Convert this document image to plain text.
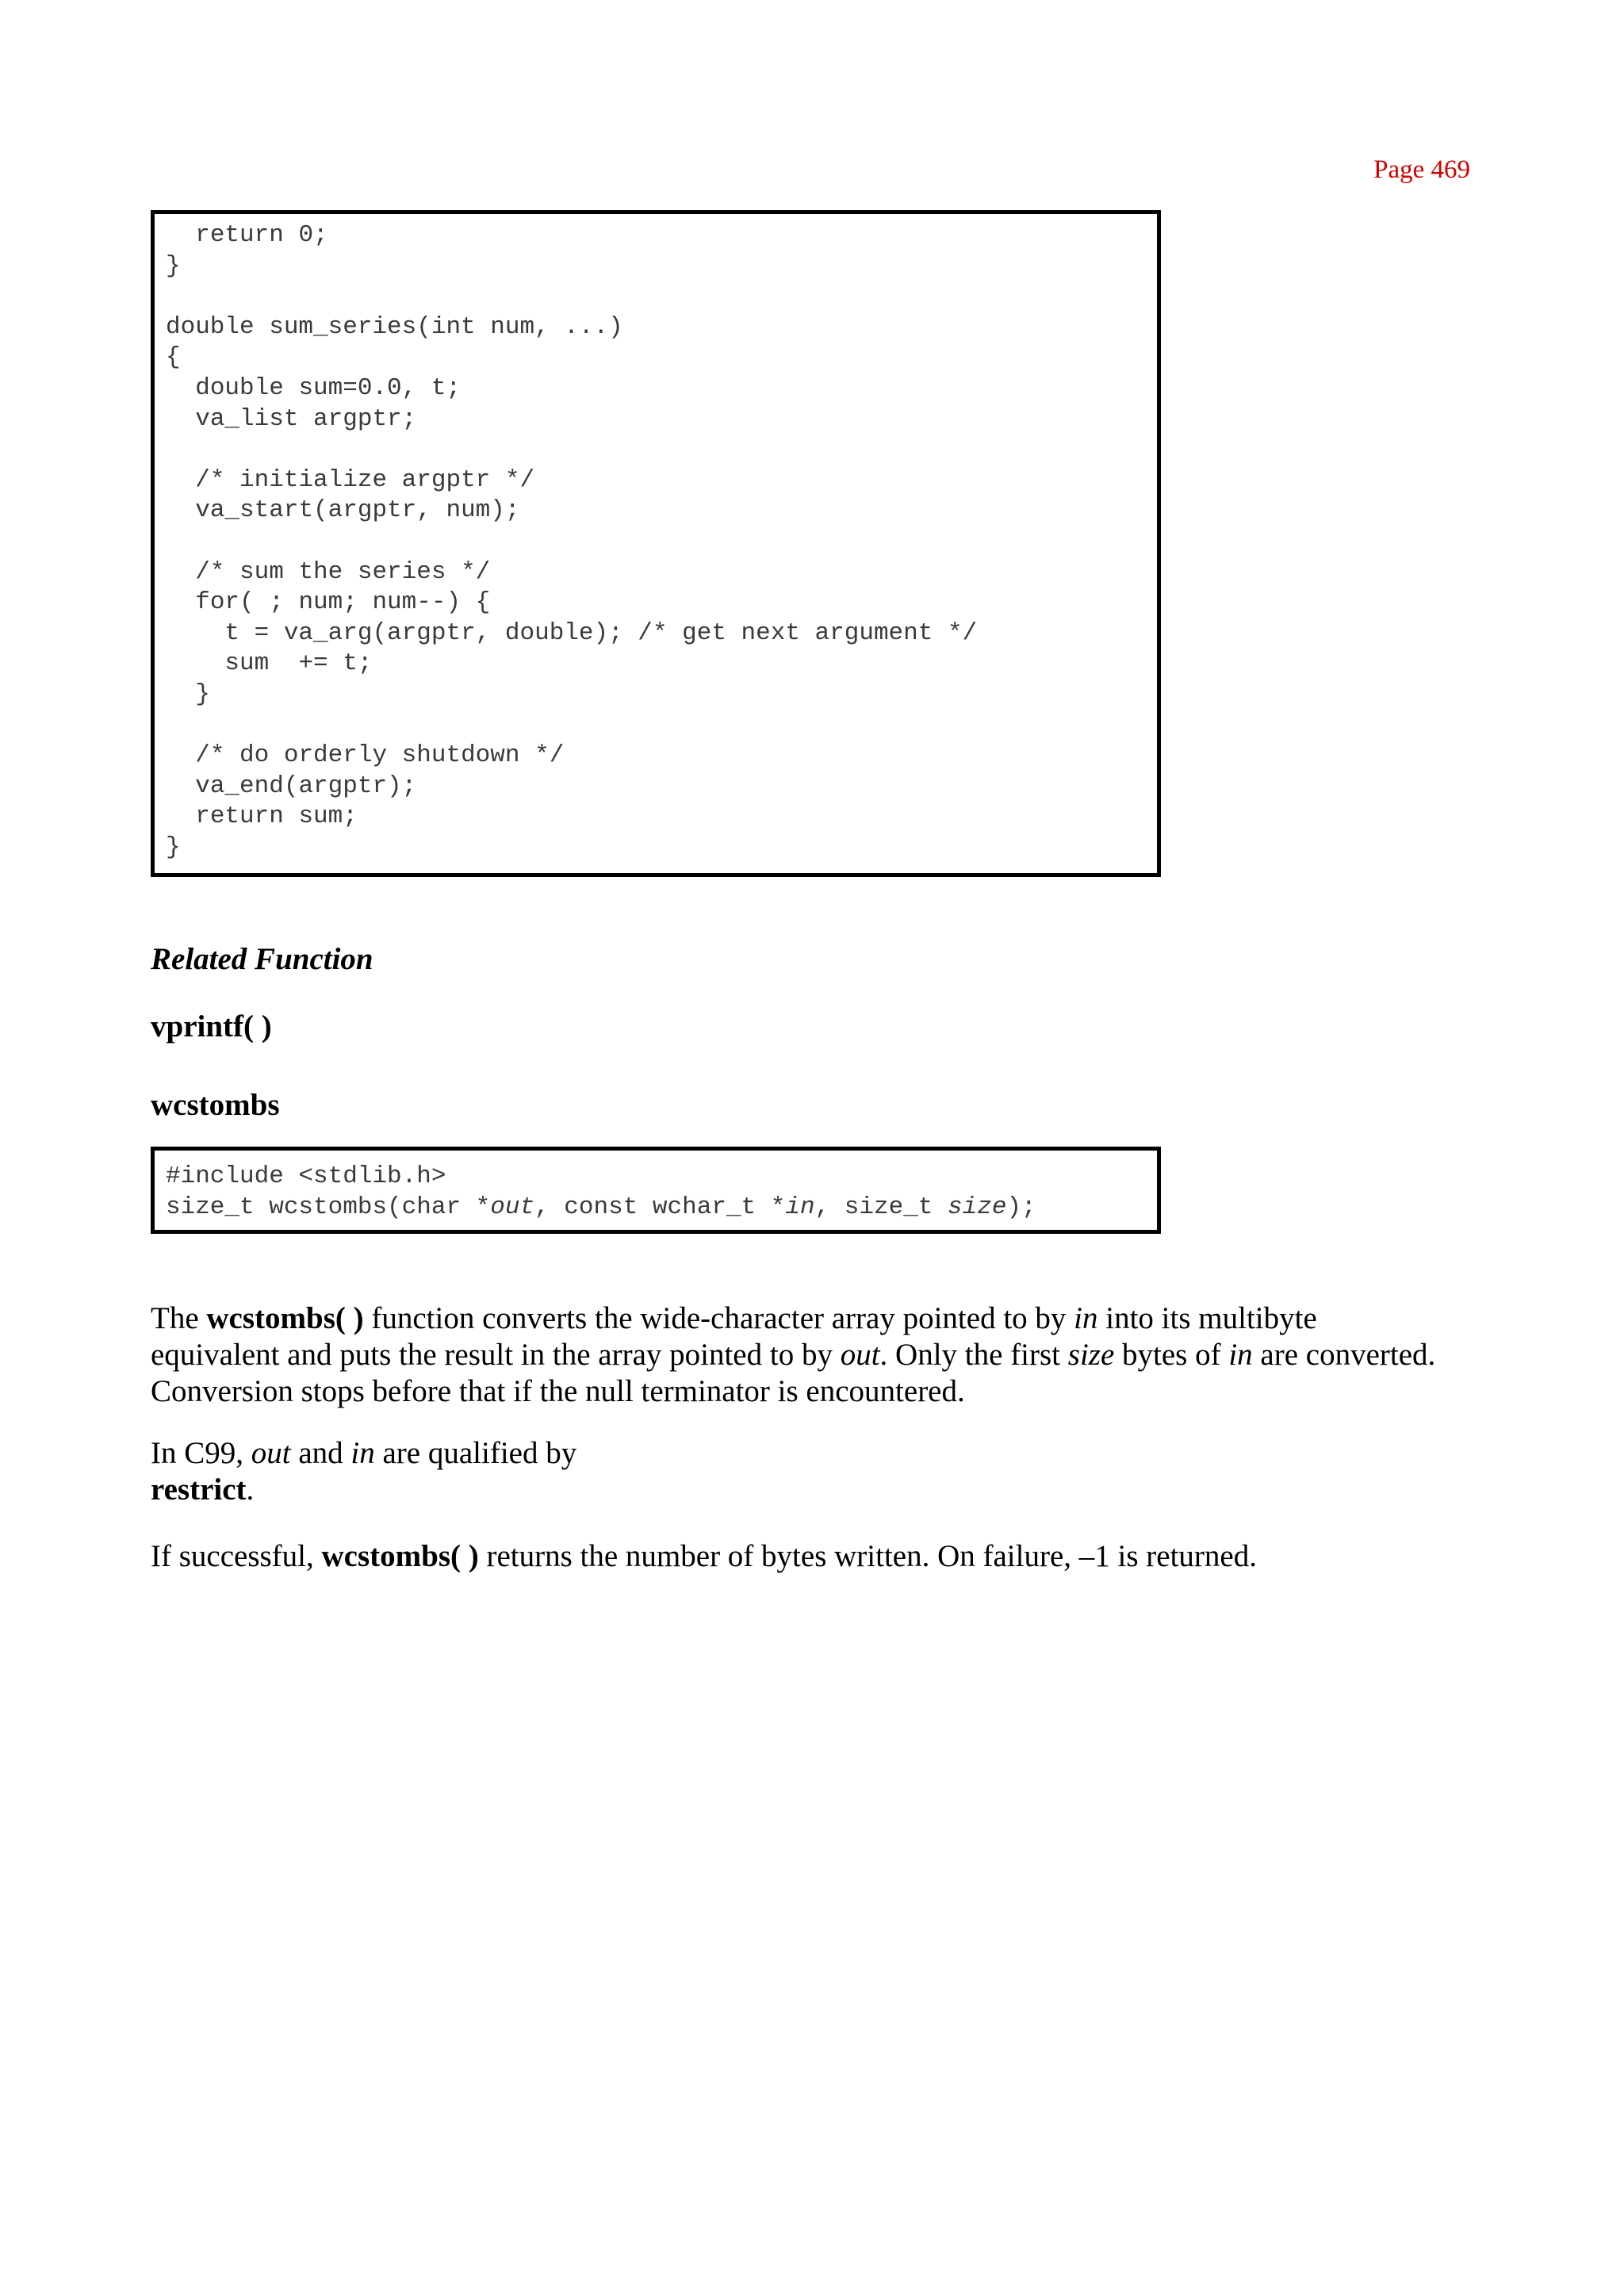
Page 469
return 0;
}
double sum_series(int num, ...)
{
double sum=0.0, t;
va_list argptr;
/* initialize argptr */
va_start(argptr, num);
/* sum the series */
for( ; num; num--) {
t = va_arg(argptr, double); /* get next argument */
sum  += t;
}
/* do orderly shutdown */
va_end(argptr);
return sum;
}
Related Function
vprintf( )
wcstombs
#include <stdlib.h>
size_t wcstombs(char *out, const wchar_t *in, size_t size);
The wcstombs( ) function converts the wide-character array pointed to by in into its multibyte equivalent and puts the result in the array pointed to by out. Only the first size bytes of in are converted. Conversion stops before that if the null terminator is encountered.
In C99, out and in are qualified by
restrict.
If successful, wcstombs( ) returns the number of bytes written. On failure, –1 is returned.
